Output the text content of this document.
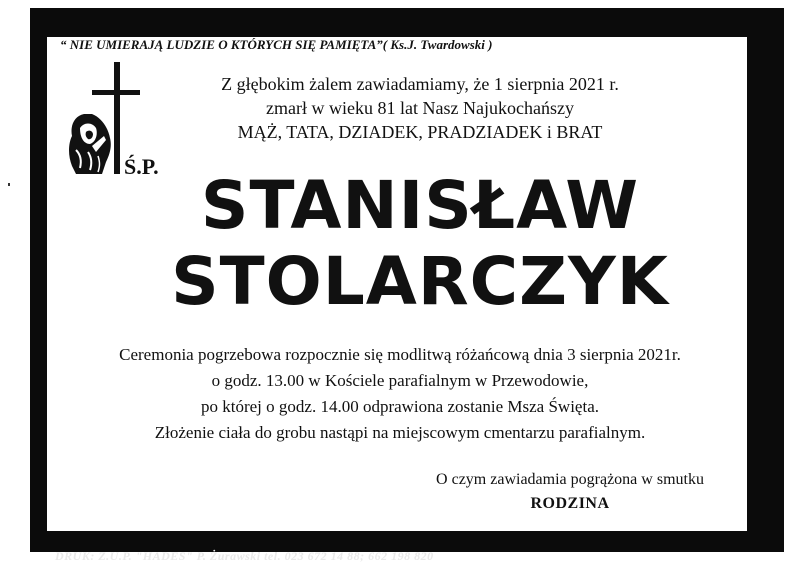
“ NIE UMIERAJĄ LUDZIE O KTÓRYCH SIĘ PAMIĘTA”( Ks.J. Twardowski )
Z głębokim żalem zawiadamiamy, że 1 sierpnia 2021 r.
zmarł w wieku 81 lat Nasz Najukochańszy
MĄŻ, TATA, DZIADEK, PRADZIADEK i BRAT
Ś.P.
STANISŁAW
STOLARCZYK
Ceremonia pogrzebowa rozpocznie się modlitwą różańcową dnia 3 sierpnia 2021r.
o godz. 13.00 w Kościele parafialnym w Przewodowie,
po której o godz. 14.00 odprawiona zostanie Msza Święta.
Złożenie ciała do grobu nastąpi na miejscowym cmentarzu parafialnym.
O czym zawiadamia pogrążona w smutku
RODZINA
DRUK: Z.U.P. "HADES" P. Żurawski tel. 023 672 14 88; 662 198 820
